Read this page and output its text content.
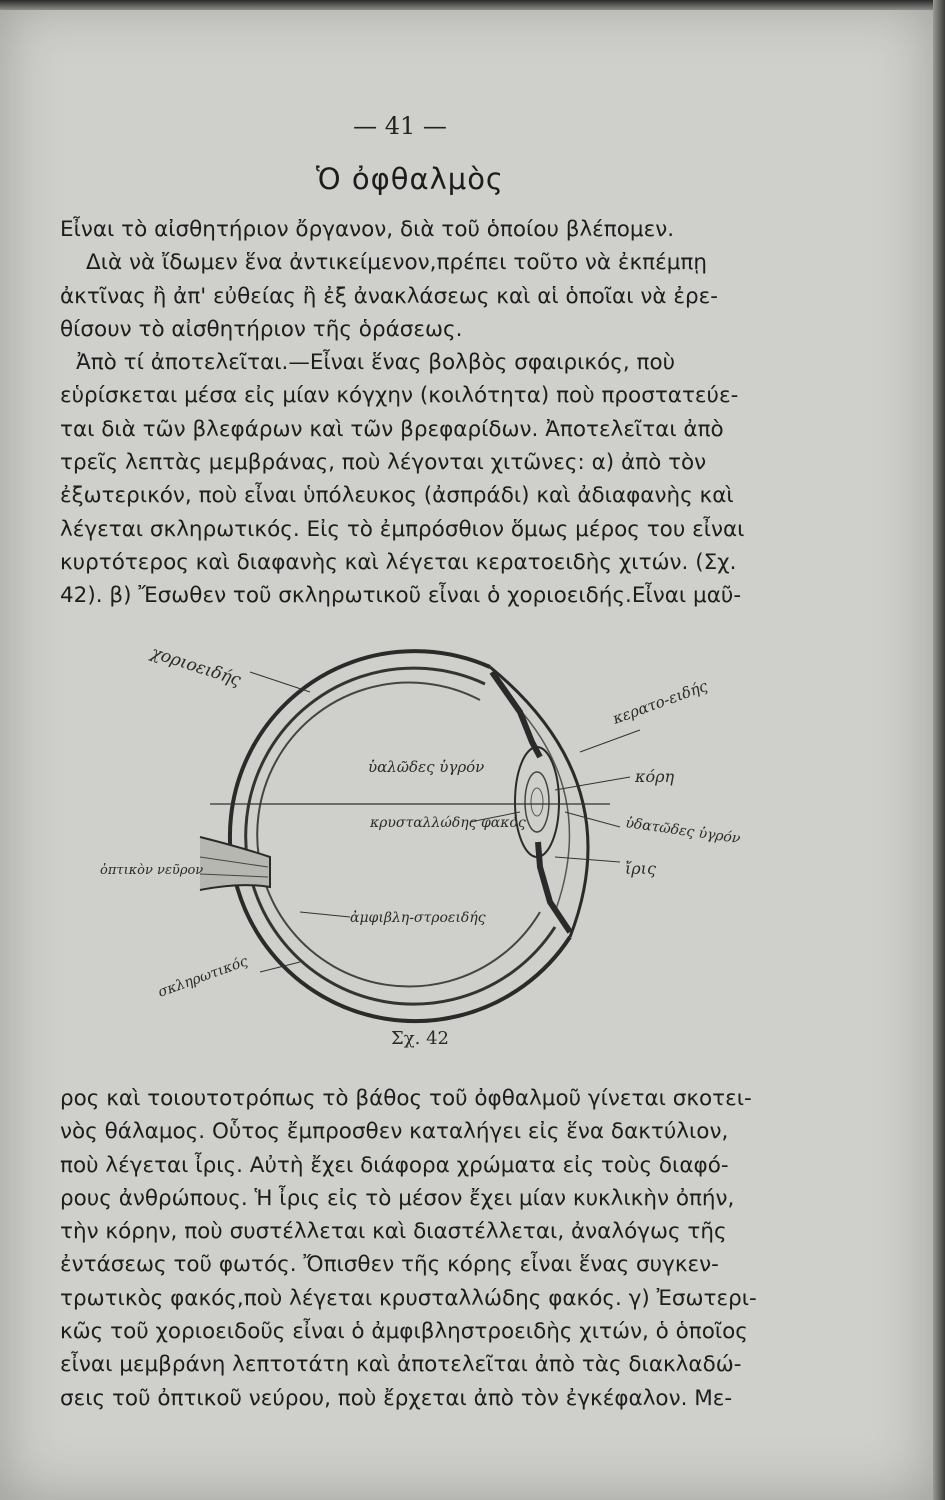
— 41 —
Ὁ ὀφθαλμὸς
Εἶναι τὸ αἰσθητήριον ὄργανον, διὰ τοῦ ὁποίου βλέπομεν.
Διὰ νὰ ἴδωμεν ἕνα ἀντικείμενον,πρέπει τοῦτο νὰ ἐκπέμπῃ
ἀκτῖνας ἢ ἀπ' εὐθείας ἢ ἐξ ἀνακλάσεως καὶ αἱ ὁποῖαι νὰ ἐρε-
θίσουν τὸ αἰσθητήριον τῆς ὁράσεως.
Ἀπὸ τί ἀποτελεῖται.—Εἶναι ἕνας βολβὸς σφαιρικός, ποὺ
εὑρίσκεται μέσα εἰς μίαν κόγχην (κοιλότητα) ποὺ προστατεύε-
ται διὰ τῶν βλεφάρων καὶ τῶν βρεφαρίδων. Ἀποτελεῖται ἀπὸ
τρεῖς λεπτὰς μεμβράνας, ποὺ λέγονται χιτῶνες: α) ἀπὸ τὸν
ἐξωτερικόν, ποὺ εἶναι ὑπόλευκος (ἀσπράδι) καὶ ἀδιαφανὴς καὶ
λέγεται σκληρωτικός. Εἰς τὸ ἐμπρόσθιον ὅμως μέρος του εἶναι
κυρτότερος καὶ διαφανὴς καὶ λέγεται κερατοειδὴς χιτών. (Σχ.
42). β) Ἔσωθεν τοῦ σκληρωτικοῦ εἶναι ὁ χοριοειδής.Εἶναι μαῦ-
χοριοειδής
κερατο-ειδής
κόρη
ὑαλῶδες ὑγρόν
κρυσταλλώδης φακός	ὑδατῶδες ὑγρόν
ἴρις
ὀπτικὸν νεῦρον
ἀμφιβλη-στροειδής
σκληρωτικός
Σχ. 42
ρος καὶ τοιουτοτρόπως τὸ βάθος τοῦ ὀφθαλμοῦ γίνεται σκοτει-
νὸς θάλαμος. Οὗτος ἔμπροσθεν καταλήγει εἰς ἕνα δακτύλιον,
ποὺ λέγεται ἶρις. Αὐτὴ ἔχει διάφορα χρώματα εἰς τοὺς διαφό-
ρους ἀνθρώπους. Ἡ ἶρις εἰς τὸ μέσον ἔχει μίαν κυκλικὴν ὀπήν,
τὴν κόρην, ποὺ συστέλλεται καὶ διαστέλλεται, ἀναλόγως τῆς
ἐντάσεως τοῦ φωτός. Ὄπισθεν τῆς κόρης εἶναι ἕνας συγκεν-
τρωτικὸς φακός,ποὺ λέγεται κρυσταλλώδης φακός. γ) Ἐσωτερι-
κῶς τοῦ χοριοειδοῦς εἶναι ὁ ἀμφιβληστροειδὴς χιτών, ὁ ὁποῖος
εἶναι μεμβράνη λεπτοτάτη καὶ ἀποτελεῖται ἀπὸ τὰς διακλαδώ-
σεις τοῦ ὀπτικοῦ νεύρου, ποὺ ἔρχεται ἀπὸ τὸν ἐγκέφαλον. Με-
